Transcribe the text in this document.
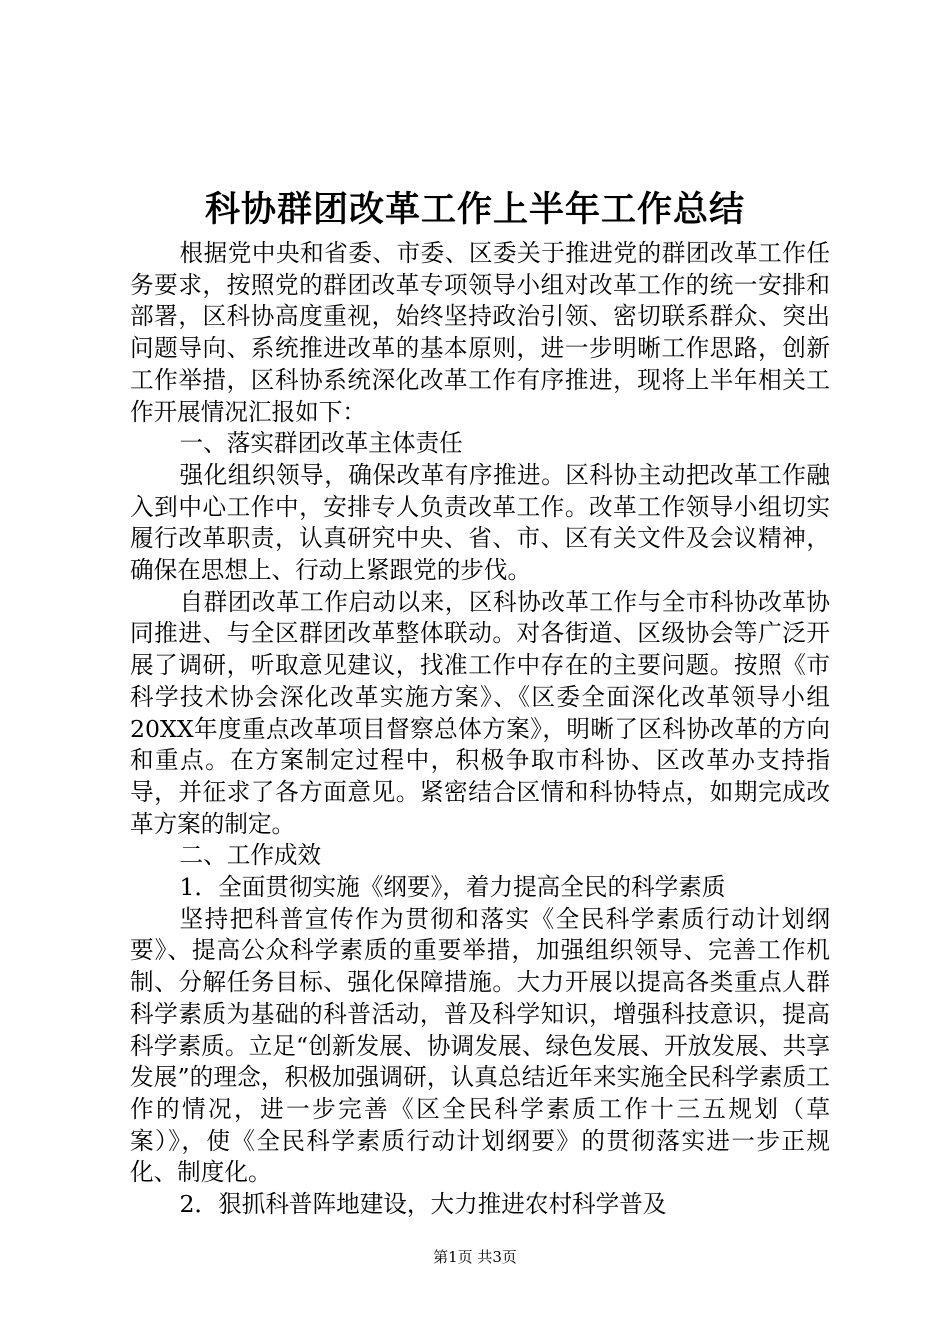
科协群团改革工作上半年工作总结

根据党中央和省委、市委、区委关于推进党的群团改革工作任务要求，按照党的群团改革专项领导小组对改革工作的统一安排和部署，区科协高度重视，始终坚持政治引领、密切联系群众、突出问题导向、系统推进改革的基本原则，进一步明晰工作思路，创新工作举措，区科协系统深化改革工作有序推进，现将上半年相关工作开展情况汇报如下：

一、落实群团改革主体责任

强化组织领导，确保改革有序推进。区科协主动把改革工作融入到中心工作中，安排专人负责改革工作。改革工作领导小组切实履行改革职责，认真研究中央、省、市、区有关文件及会议精神，确保在思想上、行动上紧跟党的步伐。

自群团改革工作启动以来，区科协改革工作与全市科协改革协同推进、与全区群团改革整体联动。对各街道、区级协会等广泛开展了调研，听取意见建议，找准工作中存在的主要问题。按照《市科学技术协会深化改革实施方案》、《区委全面深化改革领导小组20XX年度重点改革项目督察总体方案》，明晰了区科协改革的方向和重点。在方案制定过程中，积极争取市科协、区改革办支持指导，并征求了各方面意见。紧密结合区情和科协特点，如期完成改革方案的制定。

二、工作成效

1．全面贯彻实施《纲要》，着力提高全民的科学素质

坚持把科普宣传作为贯彻和落实《全民科学素质行动计划纲要》、提高公众科学素质的重要举措，加强组织领导、完善工作机制、分解任务目标、强化保障措施。大力开展以提高各类重点人群科学素质为基础的科普活动，普及科学知识，增强科技意识，提高科学素质。立足“创新发展、协调发展、绿色发展、开放发展、共享发展”的理念，积极加强调研，认真总结近年来实施全民科学素质工作的情况，进一步完善《区全民科学素质工作十三五规划（草案）》，使《全民科学素质行动计划纲要》的贯彻落实进一步正规化、制度化。

2．狠抓科普阵地建设，大力推进农村科学普及

第1页 共3页
